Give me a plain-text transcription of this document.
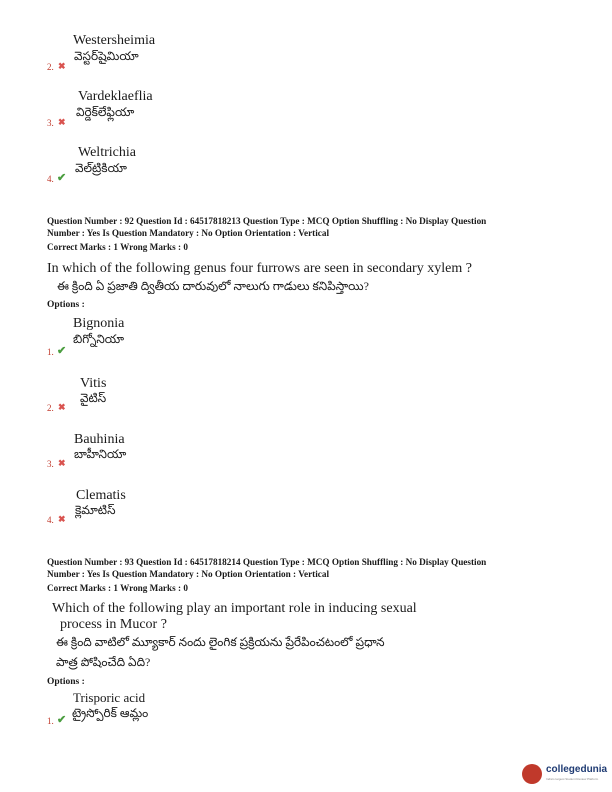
2. ✖
Westersheimia
వెస్టర్‌షైమియా
3. ✖
Vardeklaeflia
విర్డెక్‌లేఫ్లియా
4. ✔
Weltrichia
వెల్‌ట్రికియా
Question Number : 92 Question Id : 64517818213 Question Type : MCQ Option Shuffling : No Display Question
Number : Yes Is Question Mandatory : No Option Orientation : Vertical
Correct Marks : 1 Wrong Marks : 0
In which of the following genus four furrows are seen in secondary xylem ?
ఈ క్రింది ఏ ప్రజాతి ద్వితీయ దారువులో నాలుగు గాడులు కనిపిస్తాయి?
Options :
1. ✔
Bignonia
బిగ్నోనియా
2. ✖
Vitis
వైటిస్
3. ✖
Bauhinia
బాహీనియా
4. ✖
Clematis
క్లెమాటిస్
Question Number : 93 Question Id : 64517818214 Question Type : MCQ Option Shuffling : No Display Question
Number : Yes Is Question Mandatory : No Option Orientation : Vertical
Correct Marks : 1 Wrong Marks : 0
Which of the following play an important role in inducing sexual
process in Mucor ?
ఈ క్రింది వాటిలో మ్యూకార్ నందు లైంగిక ప్రక్రియను ప్రేరేపించటంలో ప్రధాన
పాత్ర పోషించేది ఏది?
Options :
1. ✔
Trisporic acid
ట్రైస్పోరిక్ ఆమ్లం
collegedunia
India's largest Student Review Platform
